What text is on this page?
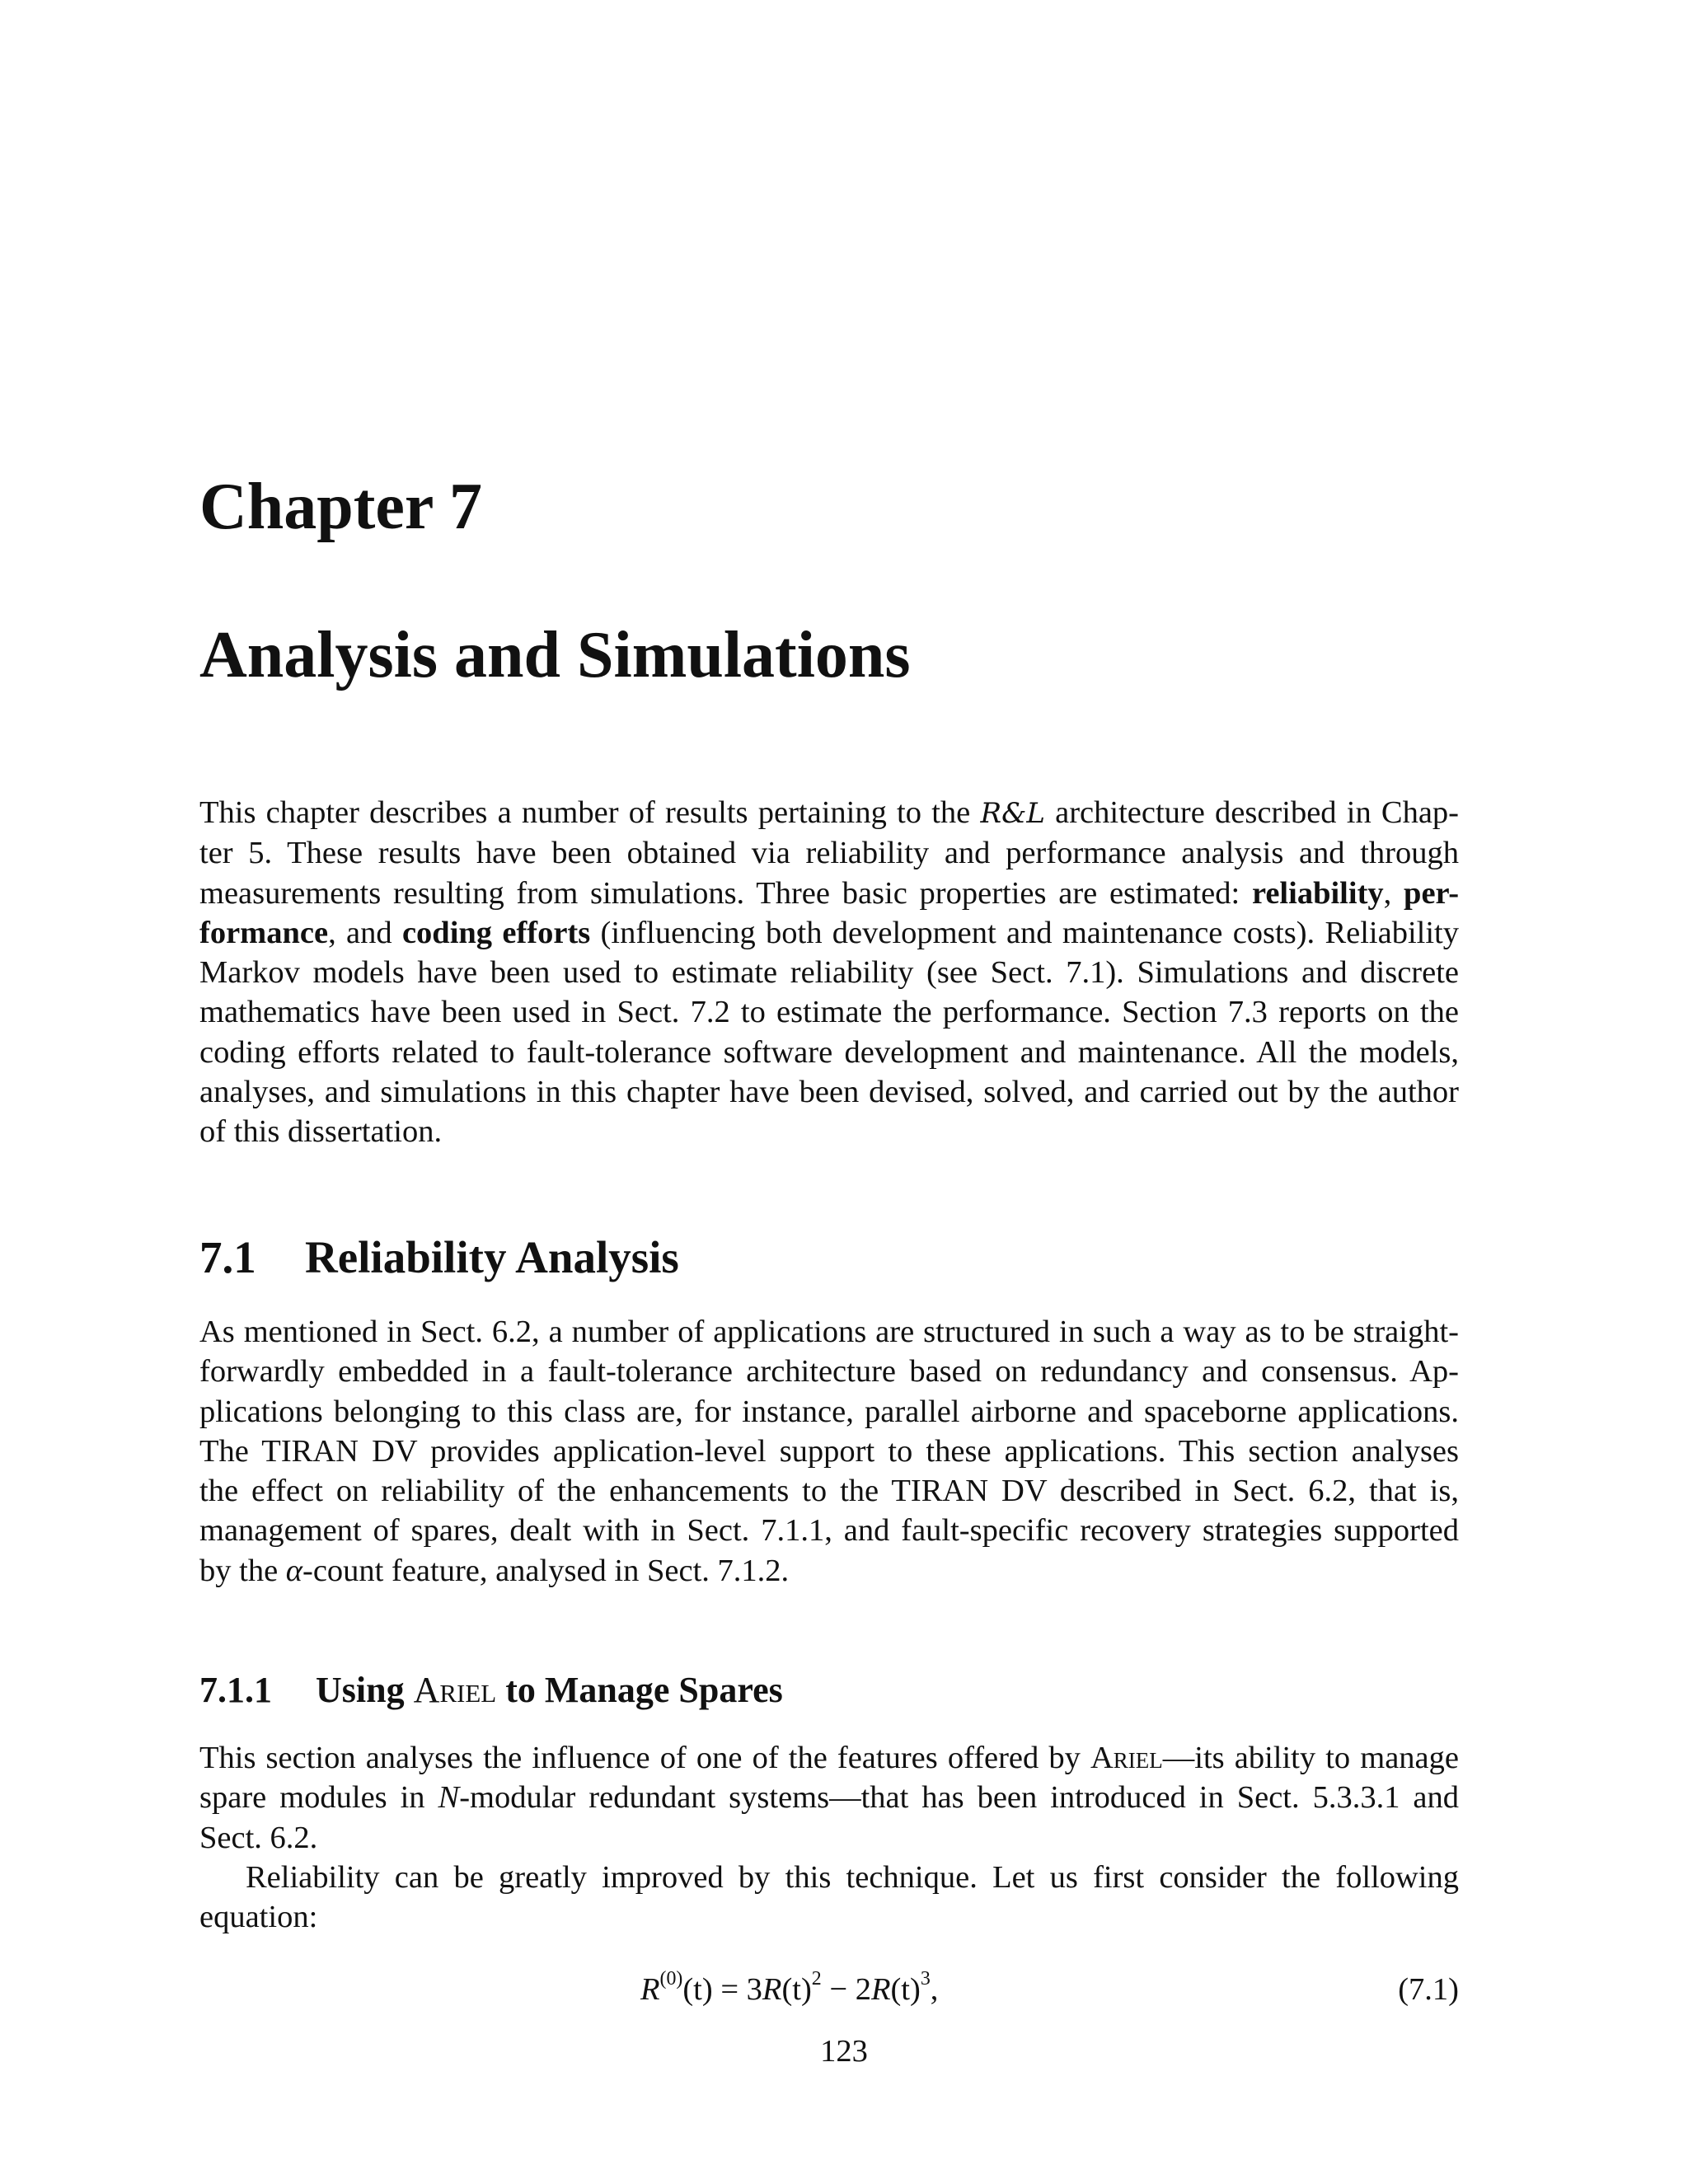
Chapter 7
Analysis and Simulations
This chapter describes a number of results pertaining to the R&L architecture described in Chap-
ter 5. These results have been obtained via reliability and performance analysis and through
measurements resulting from simulations. Three basic properties are estimated: reliability, per-
formance, and coding efforts (influencing both development and maintenance costs). Reliability
Markov models have been used to estimate reliability (see Sect. 7.1). Simulations and discrete
mathematics have been used in Sect. 7.2 to estimate the performance. Section 7.3 reports on the
coding efforts related to fault-tolerance software development and maintenance. All the models,
analyses, and simulations in this chapter have been devised, solved, and carried out by the author
of this dissertation.
7.1 Reliability Analysis
As mentioned in Sect. 6.2, a number of applications are structured in such a way as to be straight-
forwardly embedded in a fault-tolerance architecture based on redundancy and consensus. Ap-
plications belonging to this class are, for instance, parallel airborne and spaceborne applications.
The TIRAN DV provides application-level support to these applications. This section analyses
the effect on reliability of the enhancements to the TIRAN DV described in Sect. 6.2, that is,
management of spares, dealt with in Sect. 7.1.1, and fault-specific recovery strategies supported
by the α-count feature, analysed in Sect. 7.1.2.
7.1.1 Using Ariel to Manage Spares
This section analyses the influence of one of the features offered by Ariel—its ability to manage
spare modules in N-modular redundant systems—that has been introduced in Sect. 5.3.3.1 and
Sect. 6.2.
Reliability can be greatly improved by this technique. Let us first consider the following
equation:
$R^{(0)}(t) = 3R(t)^2 - 2R(t)^3$,	(7.1)
123
